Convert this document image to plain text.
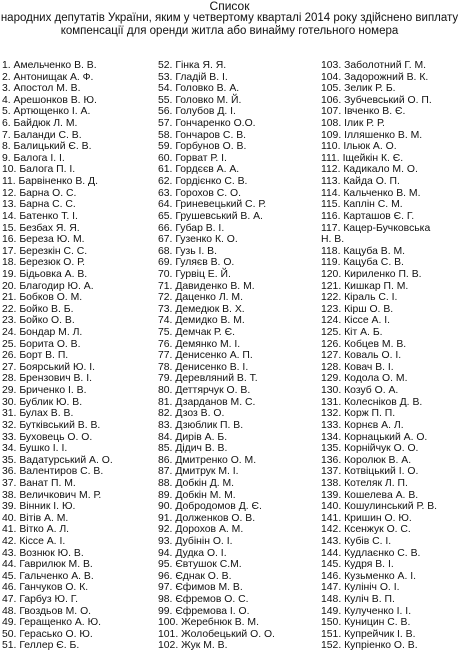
Список
народних депутатів України, яким у четвертому кварталі 2014 року здійснено виплату
компенсації для оренди житла або винайму готельного номера
1. Амельченко В. В.
2. Антонищак А. Ф.
3. Апостол М. В.
4. Арешонков В. Ю.
5. Артющенко І. А.
6. Байдюк Л. М.
7. Баланди С. В.
8. Балицький Є. В.
9. Балога І. І.
10. Балога П. І.
11. Барвіненко В. Д.
12. Барна О. С.
13. Барна С. С.
14. Батенко Т. І.
15. Безбах Я. Я.
16. Береза Ю. М.
17. Березкін С. С.
18. Березюк О. Р.
19. Бідьовка А. В.
20. Благодир Ю. А.
21. Бобков О. М.
22. Бойко В. Б.
23. Бойко О. В.
24. Бондар М. Л.
25. Борита О. В.
26. Борт В. П.
27. Боярський Ю. І.
28. Брензович В. І.
29. Бриченко І. В.
30. Бублик Ю. В.
31. Булах В. В.
32. Бутківський В. В.
33. Буховець О. О.
34. Бушко І. І.
35. Вадатурський А. О.
36. Валентиров С. В.
37. Ванат П. М.
38. Величкович М. Р.
39. Вінник І. Ю.
40. Вітів А. М.
41. Вітко А. Л.
42. Кіссе А. І.
43. Вознюк Ю. В.
44. Гаврилюк М. В.
45. Гальченко А. В.
46. Ганчуков О. К.
47. Гарбуз Ю. Г.
48. Гвоздьов М. О.
49. Геращенко А. Ю.
50. Герасько О. Ю.
51. Геллер Є. Б.
52. Гінка Я. Я.
53. Гладій В. І.
54. Головко В. А.
55. Головко М. Й.
56. Голубов Д. І.
57. Гончаренко О.О.
58. Гончаров С. В.
59. Горбунов О. В.
60. Горват Р. І.
61. Гордєєв А. А.
62. Гордієнко С. В.
63. Горохов С. О.
64. Гриневецький С. Р.
65. Грушевський В. А.
66. Губар В. І.
67. Гузенко К. О.
68. Гузь І. В.
69. Гуляєв В. О.
70. Гурвіц Е. Й.
71. Давиденко В. М.
72. Даценко Л. М.
73. Демедюк В. Х.
74. Демидко В. М.
75. Демчак Р. Є.
76. Демянко М. І.
77. Денисенко А. П.
78. Денисенко В. І.
79. Деревляний В. Т.
80. Деттярчук О. В.
81. Дзарданов М. С.
82. Дзоз В. О.
83. Дзюблик П. В.
84. Дирів А. Б.
85. Дідич В. В.
86. Дмитренко О. М.
87. Дмитрук М. І.
88. Добкін Д. М.
89. Добкін М. М.
90. Добродомов Д. Є.
91. Долженков О. В.
92. Дорохов А. М.
93. Дубінін О. І.
94. Дудка О. І.
95. Євтушок С.М.
96. Єднак О. В.
97. Єфимов М. В.
98. Єфремов О. С.
99. Єфремова І. О.
100. Жеребнюк В. М.
101. Жолобецький О. О.
102. Жук М. В.
103. Заболотний Г. М.
104. Задорожний В. К.
105. Зелик Р. Б.
106. Зубчевський О. П.
107. Івченко В. Є.
108. Ілик Р. Р.
109. Ілляшенко В. М.
110. Ільюк А. О.
111. Іщейкін К. Є.
112. Кадикало М. О.
113. Кайда О. П.
114. Кальченко В. М.
115. Каплін С. М.
116. Карташов Є. Г.
117. Кацер-Бучковська
Н. В.
118. Кацуба В. М.
119. Кацуба С. В.
120. Кириленко П. В.
121. Кишкар П. М.
122. Кіраль С. І.
123. Кірш О. В.
124. Кіссе А. І.
125. Кіт А. Б.
126. Кобцев М. В.
127. Коваль О. І.
128. Ковач В. І.
129. Кодола О. М.
130. Козуб О. А.
131. Колесніков Д. В.
132. Корж П. П.
133. Корнєв А. Л.
134. Корнацький А. О.
135. Корнійчук О. О.
136. Королюк В. А.
137. Котвіцький І. О.
138. Котеляк Л. П.
139. Кошелева А. В.
140. Кошулинський Р. В.
141. Кришин О. Ю.
142. Кcенжук О. С.
143. Кубів С. І.
144. Кудлаєнко С. В.
145. Кудря В. І.
146. Кузьменко А. І.
147. Кулініч О. І.
148. Куліч В. П.
149. Кулученко І. І.
150. Куницин С. В.
151. Купрейчик І. В.
152. Купріенко О. В.
